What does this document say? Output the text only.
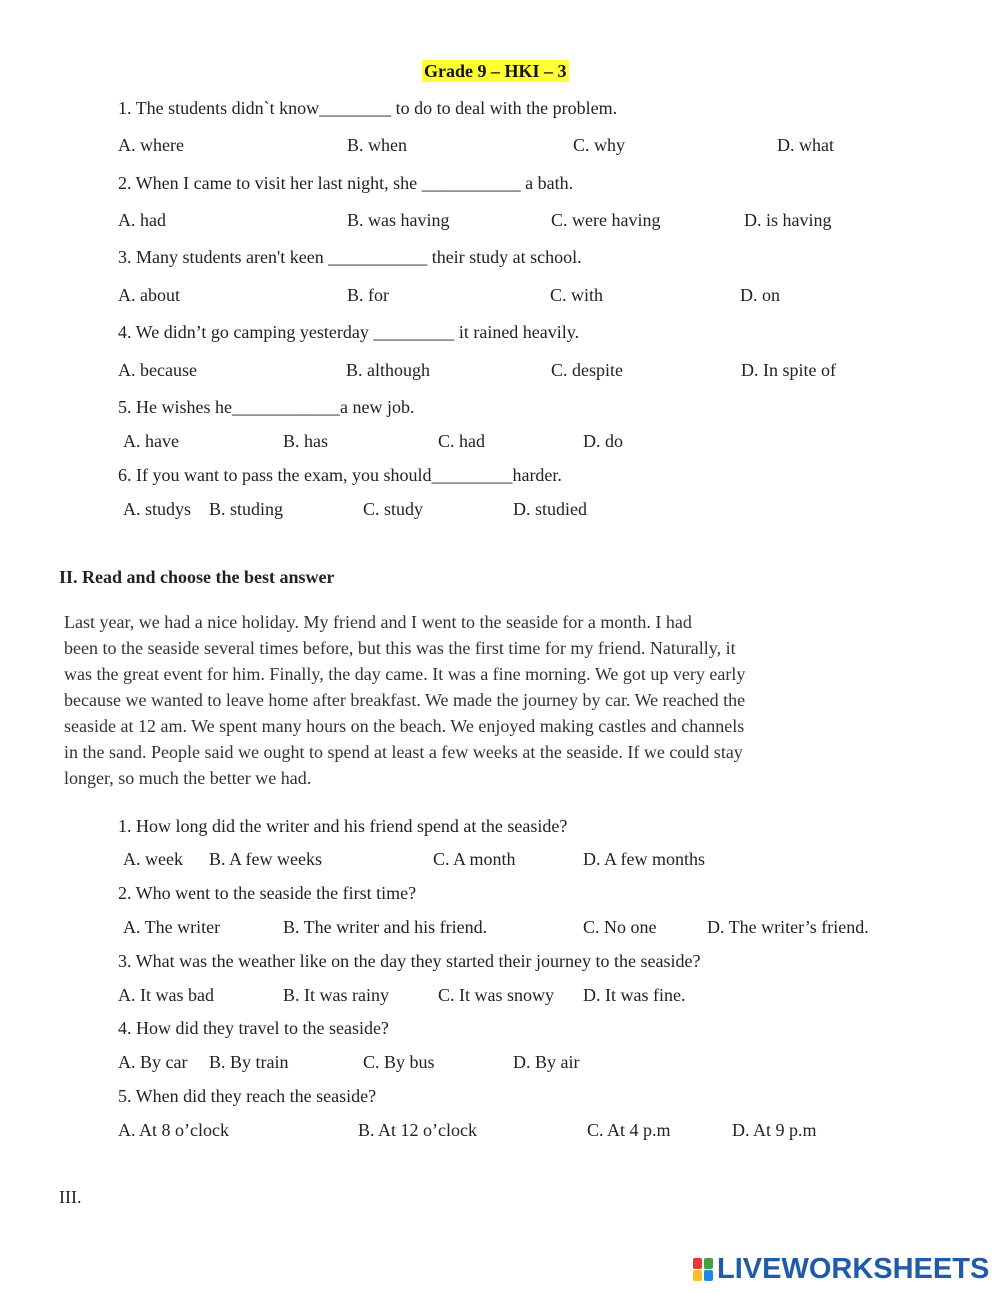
Grade 9 – HKI – 3
1. The students didn`t know________ to do to deal with the problem.
A. where	B. when	C. why	D. what
2. When I came to visit her last night, she ___________ a bath.
A. had	B. was having	C. were having	D. is having
3. Many students aren't keen ___________ their study at school.
A. about	B. for	C. with	D. on
4. We didn’t go camping yesterday _________ it rained heavily.
A. because	B. although	C. despite	D. In spite of
5. He wishes he____________a new job.
A. have	B. has	C. had	D. do
6. If you want to pass the exam, you should_________harder.
A. studys B. studing	C. study	D. studied
II. Read and choose the best answer
Last year, we had a nice holiday. My friend and I went to the seaside for a month. I had
been to the seaside several times before, but this was the first time for my friend. Naturally, it
was the great event for him. Finally, the day came. It was a fine morning. We got up very early
because we wanted to leave home after breakfast. We made the journey by car. We reached the
seaside at 12 am. We spent many hours on the beach. We enjoyed making castles and channels
in the sand. People said we ought to spend at least a few weeks at the seaside. If we could stay
longer, so much the better we had.
1. How long did the writer and his friend spend at the seaside?
A. week B. A few weeks	C. A month	D. A few months
2. Who went to the seaside the first time?
A. The writer	B. The writer and his friend.	C. No one	D. The writer’s friend.
3. What was the weather like on the day they started their journey to the seaside?
A. It was bad	B. It was rainy	C. It was snowy D. It was fine.
4. How did they travel to the seaside?
A. By car B. By train	C. By bus	D. By air
5. When did they reach the seaside?
A. At 8 o’clock	B. At 12 o’clock	C. At 4 p.m	D. At 9 p.m
III.
LIVEWORKSHEETS
